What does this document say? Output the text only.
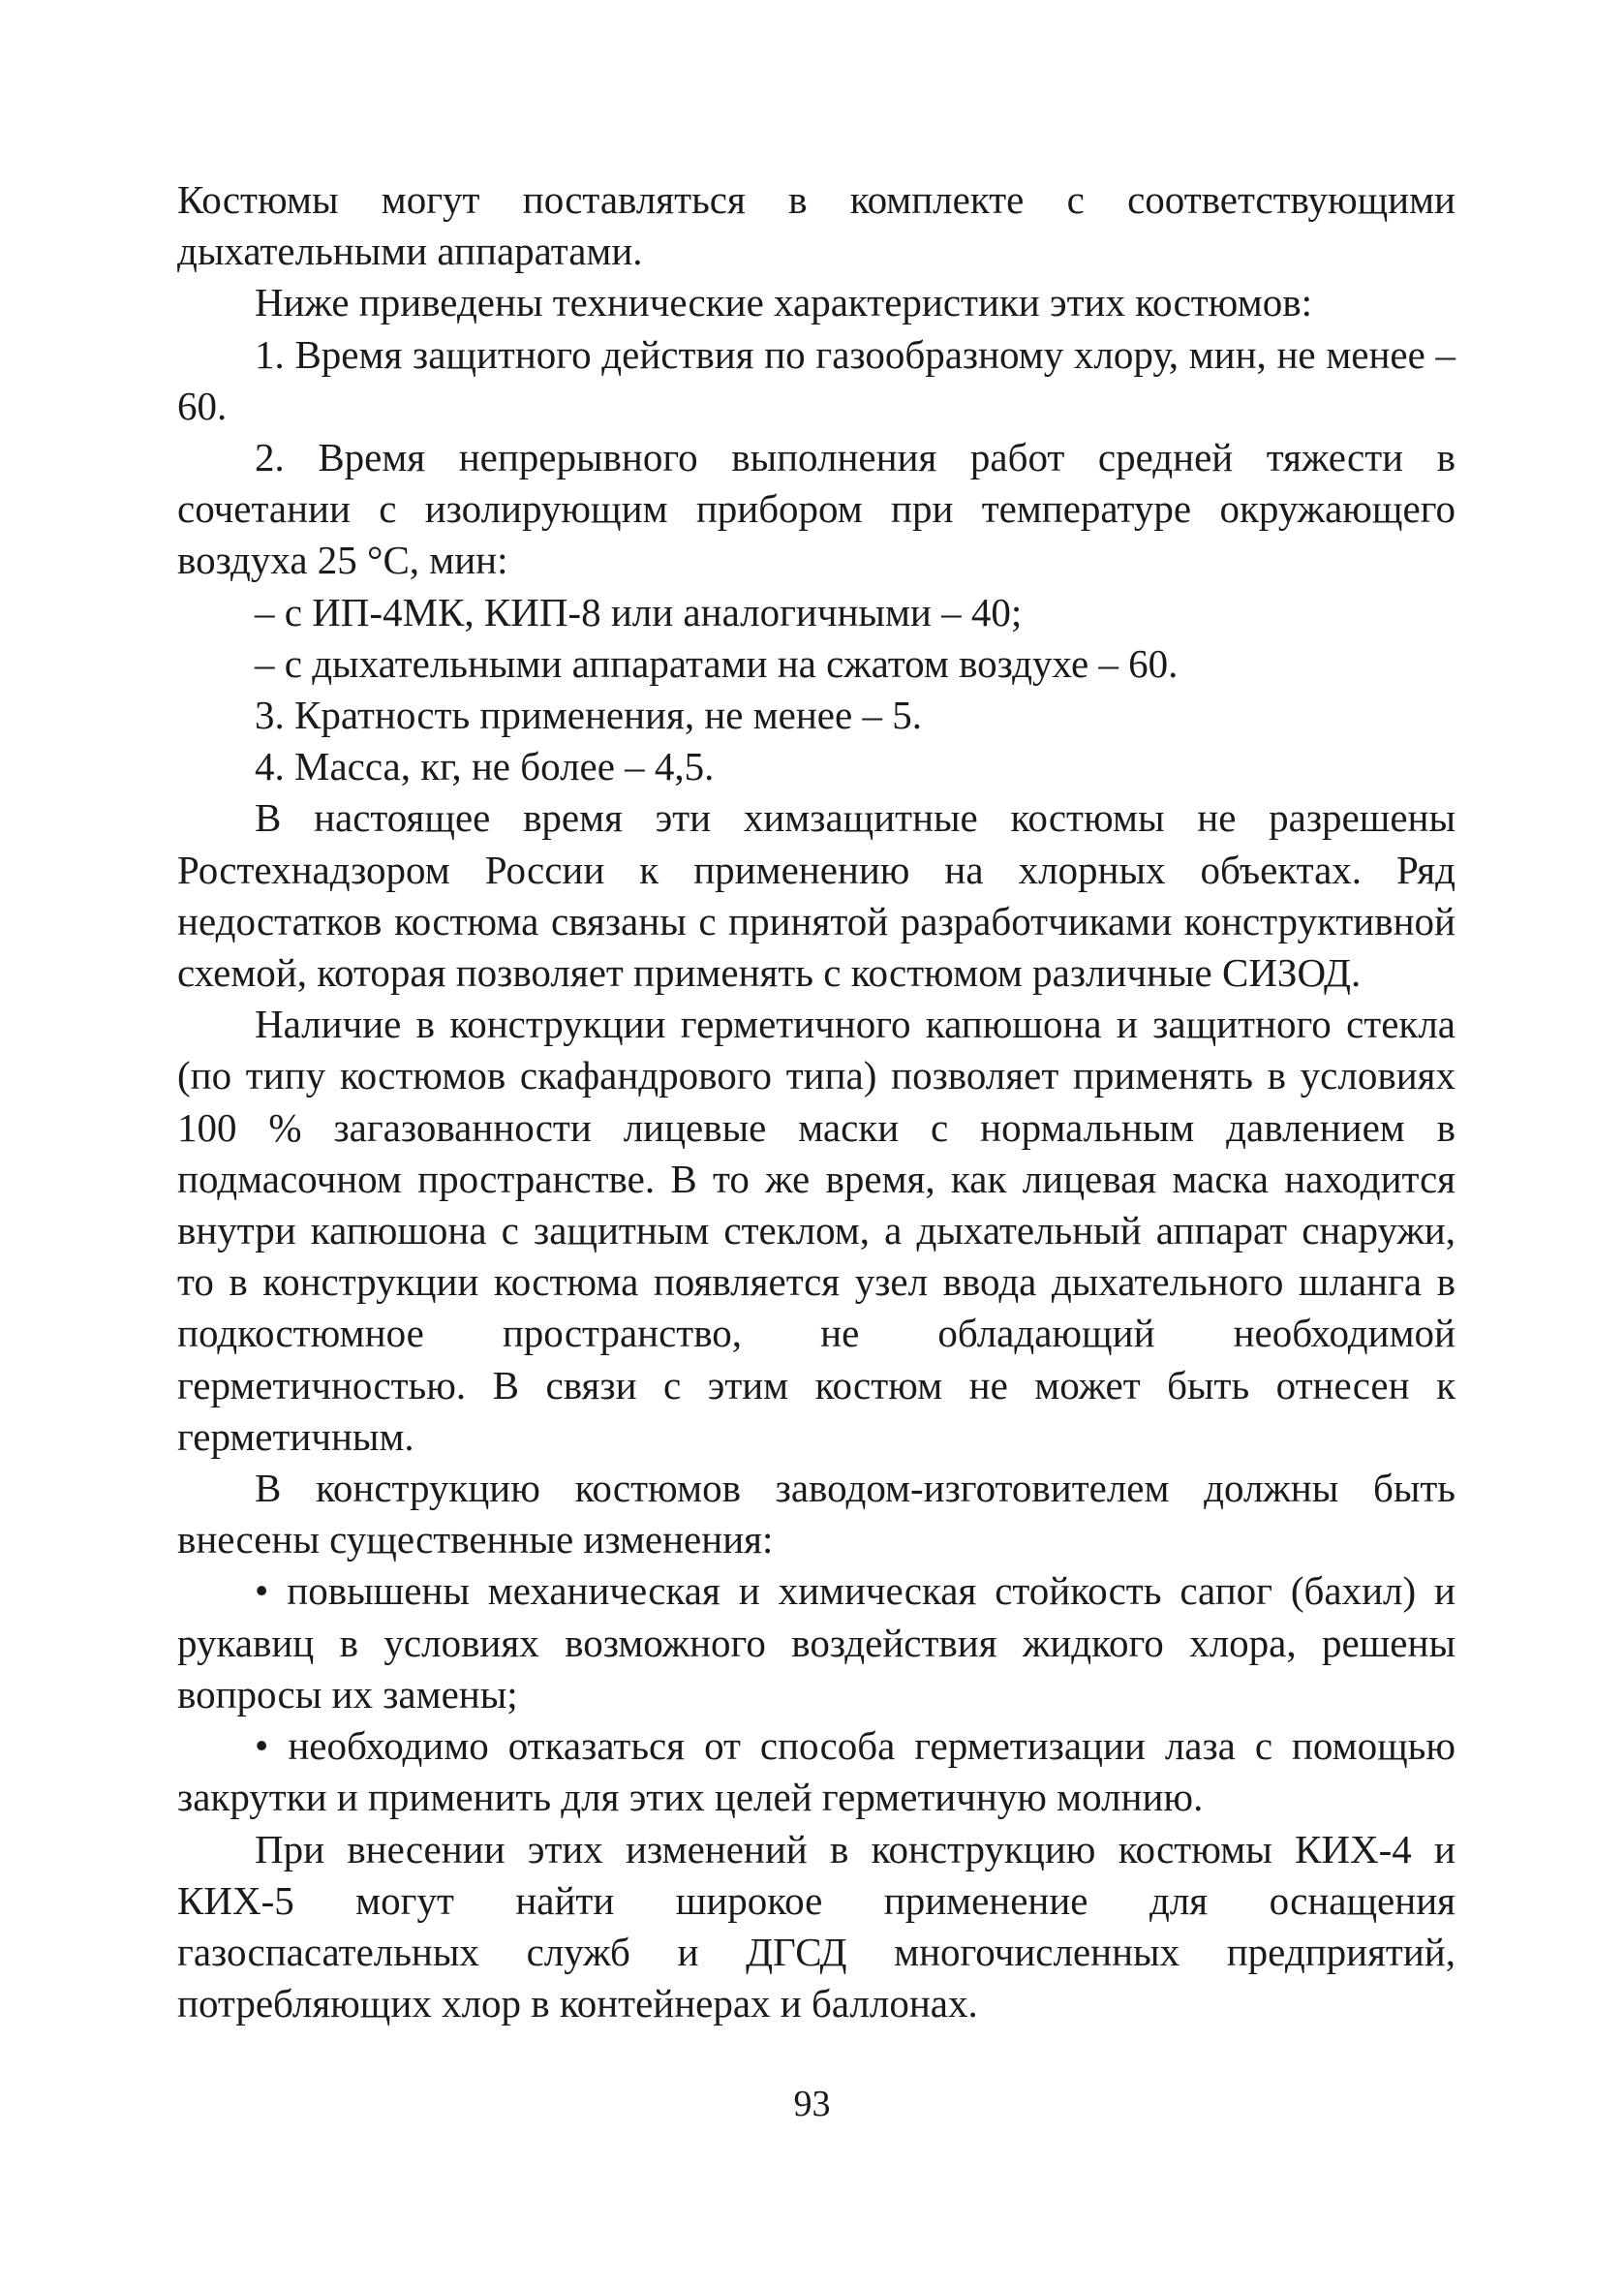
Костюмы могут поставляться в комплекте с соответствующими дыхательными аппаратами.

Ниже приведены технические характеристики этих костюмов:

1. Время защитного действия по газообразному хлору, мин, не менее – 60.

2. Время непрерывного выполнения работ средней тяжести в сочетании с изолирующим прибором при температуре окружающего воздуха 25 °С, мин:

– с ИП-4МК, КИП-8 или аналогичными – 40;

– с дыхательными аппаратами на сжатом воздухе – 60.

3. Кратность применения, не менее – 5.

4. Масса, кг, не более – 4,5.

В настоящее время эти химзащитные костюмы не разрешены Ростехнадзором России к применению на хлорных объектах. Ряд недостатков костюма связаны с принятой разработчиками конструктивной схемой, которая позволяет применять с костюмом различные СИЗОД.

Наличие в конструкции герметичного капюшона и защитного стекла (по типу костюмов скафандрового типа) позволяет применять в условиях 100 % загазованности лицевые маски с нормальным давлением в подмасочном пространстве. В то же время, как лицевая маска находится внутри капюшона с защитным стеклом, а дыхательный аппарат снаружи, то в конструкции костюма появляется узел ввода дыхательного шланга в подкостюмное пространство, не обладающий необходимой герметичностью. В связи с этим костюм не может быть отнесен к герметичным.

В конструкцию костюмов заводом-изготовителем должны быть внесены существенные изменения:

• повышены механическая и химическая стойкость сапог (бахил) и рукавиц в условиях возможного воздействия жидкого хлора, решены вопросы их замены;

• необходимо отказаться от способа герметизации лаза с помощью закрутки и применить для этих целей герметичную молнию.

При внесении этих изменений в конструкцию костюмы КИХ-4 и КИХ-5 могут найти широкое применение для оснащения газоспасательных служб и ДГСД многочисленных предприятий, потребляющих хлор в контейнерах и баллонах.

93
